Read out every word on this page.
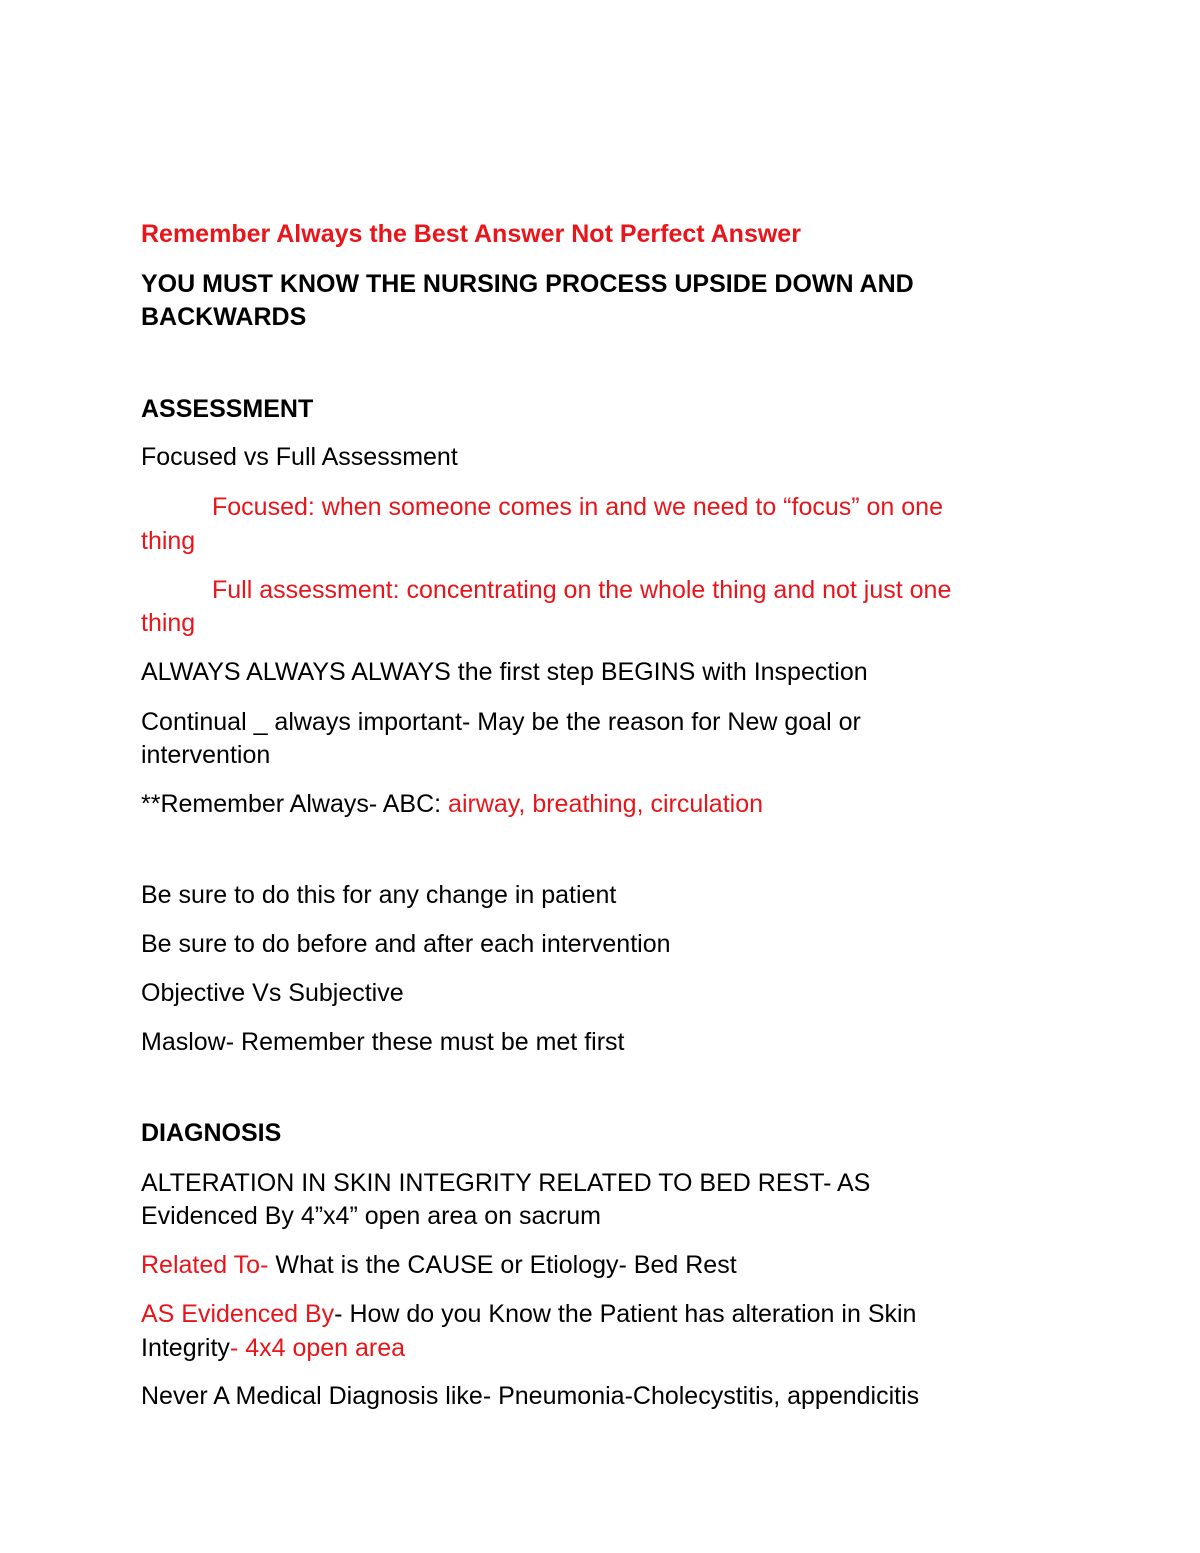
Remember Always the Best Answer Not Perfect Answer

YOU MUST KNOW THE NURSING PROCESS UPSIDE DOWN AND

BACKWARDS

ASSESSMENT

Focused vs Full Assessment

Focused: when someone comes in and we need to “focus” on one

thing

Full assessment: concentrating on the whole thing and not just one

thing

ALWAYS ALWAYS ALWAYS the first step BEGINS with Inspection

Continual _ always important- May be the reason for New goal or

intervention

**Remember Always- ABC: airway, breathing, circulation

Be sure to do this for any change in patient

Be sure to do before and after each intervention

Objective Vs Subjective

Maslow- Remember these must be met first

DIAGNOSIS

ALTERATION IN SKIN INTEGRITY RELATED TO BED REST- AS

Evidenced By 4”x4” open area on sacrum

Related To- What is the CAUSE or Etiology- Bed Rest

AS Evidenced By- How do you Know the Patient has alteration in Skin

Integrity- 4x4 open area

Never A Medical Diagnosis like- Pneumonia-Cholecystitis, appendicitis
